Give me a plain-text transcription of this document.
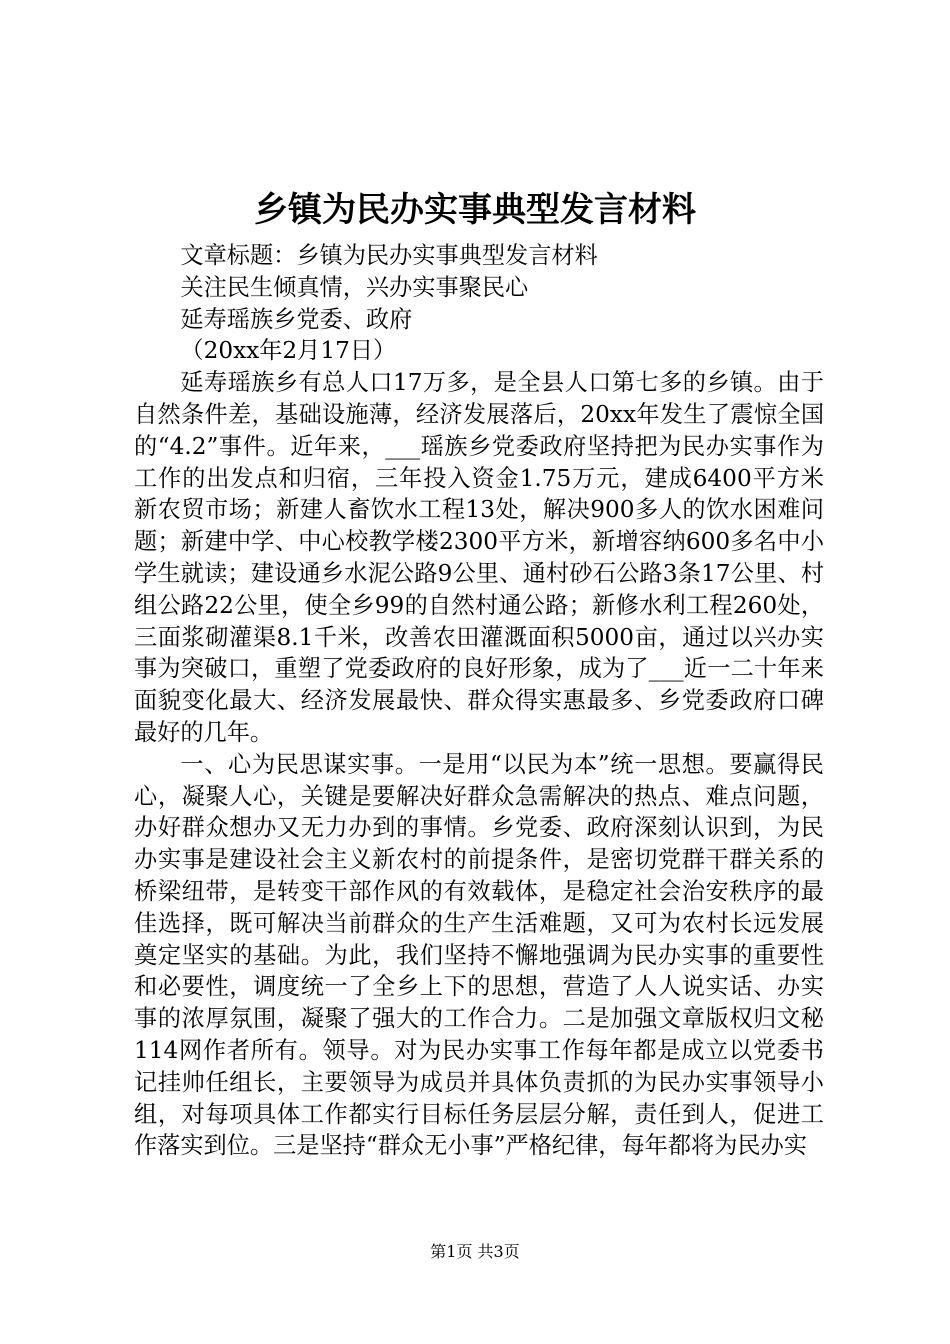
乡镇为民办实事典型发言材料

文章标题：乡镇为民办实事典型发言材料

关注民生倾真情，兴办实事聚民心

延寿瑶族乡党委、政府

（20xx年2月17日）

延寿瑶族乡有总人口17万多，是全县人口第七多的乡镇。由于自然条件差，基础设施薄，经济发展落后，20xx年发生了震惊全国的“4.2”事件。近年来，___瑶族乡党委政府坚持把为民办实事作为工作的出发点和归宿，三年投入资金1.75万元，建成6400平方米新农贸市场；新建人畜饮水工程13处，解决900多人的饮水困难问题；新建中学、中心校教学楼2300平方米，新增容纳600多名中小学生就读；建设通乡水泥公路9公里、通村砂石公路3条17公里、村组公路22公里，使全乡99的自然村通公路；新修水利工程260处，三面浆砌灌渠8.1千米，改善农田灌溉面积5000亩，通过以兴办实事为突破口，重塑了党委政府的良好形象，成为了___近一二十年来面貌变化最大、经济发展最快、群众得实惠最多、乡党委政府口碑最好的几年。

一、心为民思谋实事。一是用“以民为本”统一思想。要赢得民心，凝聚人心，关键是要解决好群众急需解决的热点、难点问题，办好群众想办又无力办到的事情。乡党委、政府深刻认识到，为民办实事是建设社会主义新农村的前提条件，是密切党群干群关系的桥梁纽带，是转变干部作风的有效载体，是稳定社会治安秩序的最佳选择，既可解决当前群众的生产生活难题，又可为农村长远发展奠定坚实的基础。为此，我们坚持不懈地强调为民办实事的重要性和必要性，调度统一了全乡上下的思想，营造了人人说实话、办实事的浓厚氛围，凝聚了强大的工作合力。二是加强文章版权归文秘114网作者所有。领导。对为民办实事工作每年都是成立以党委书记挂帅任组长，主要领导为成员并具体负责抓的为民办实事领导小组，对每项具体工作都实行目标任务层层分解，责任到人，促进工作落实到位。三是坚持“群众无小事”严格纪律，每年都将为民办实

第1页 共3页
